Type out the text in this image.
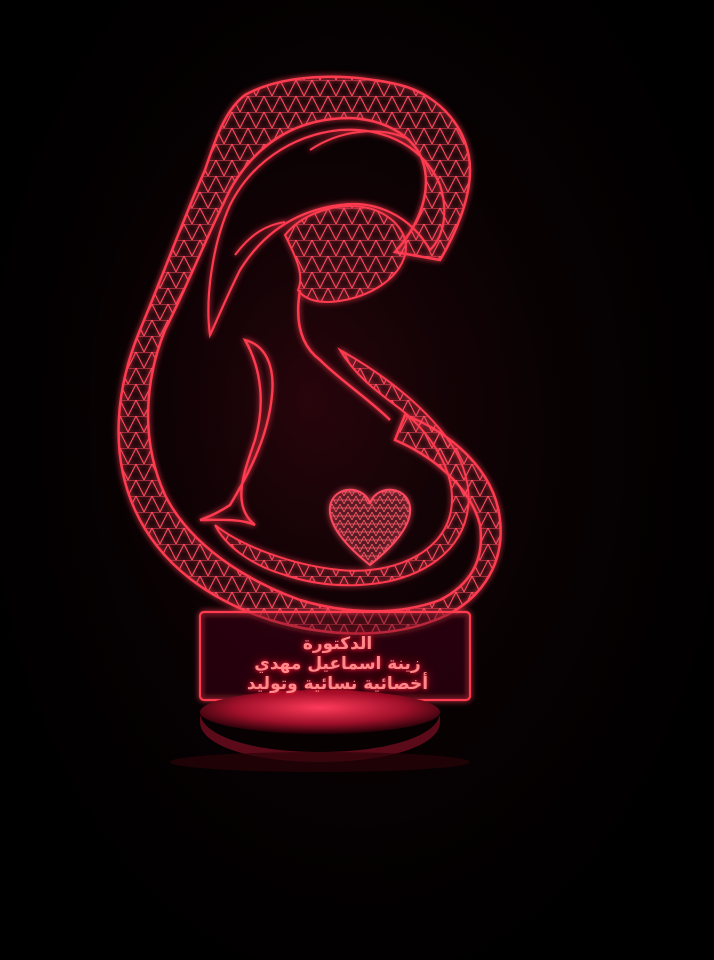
الدكتورة
زينة اسماعيل مهدي
أخصائية نسائية وتوليد
